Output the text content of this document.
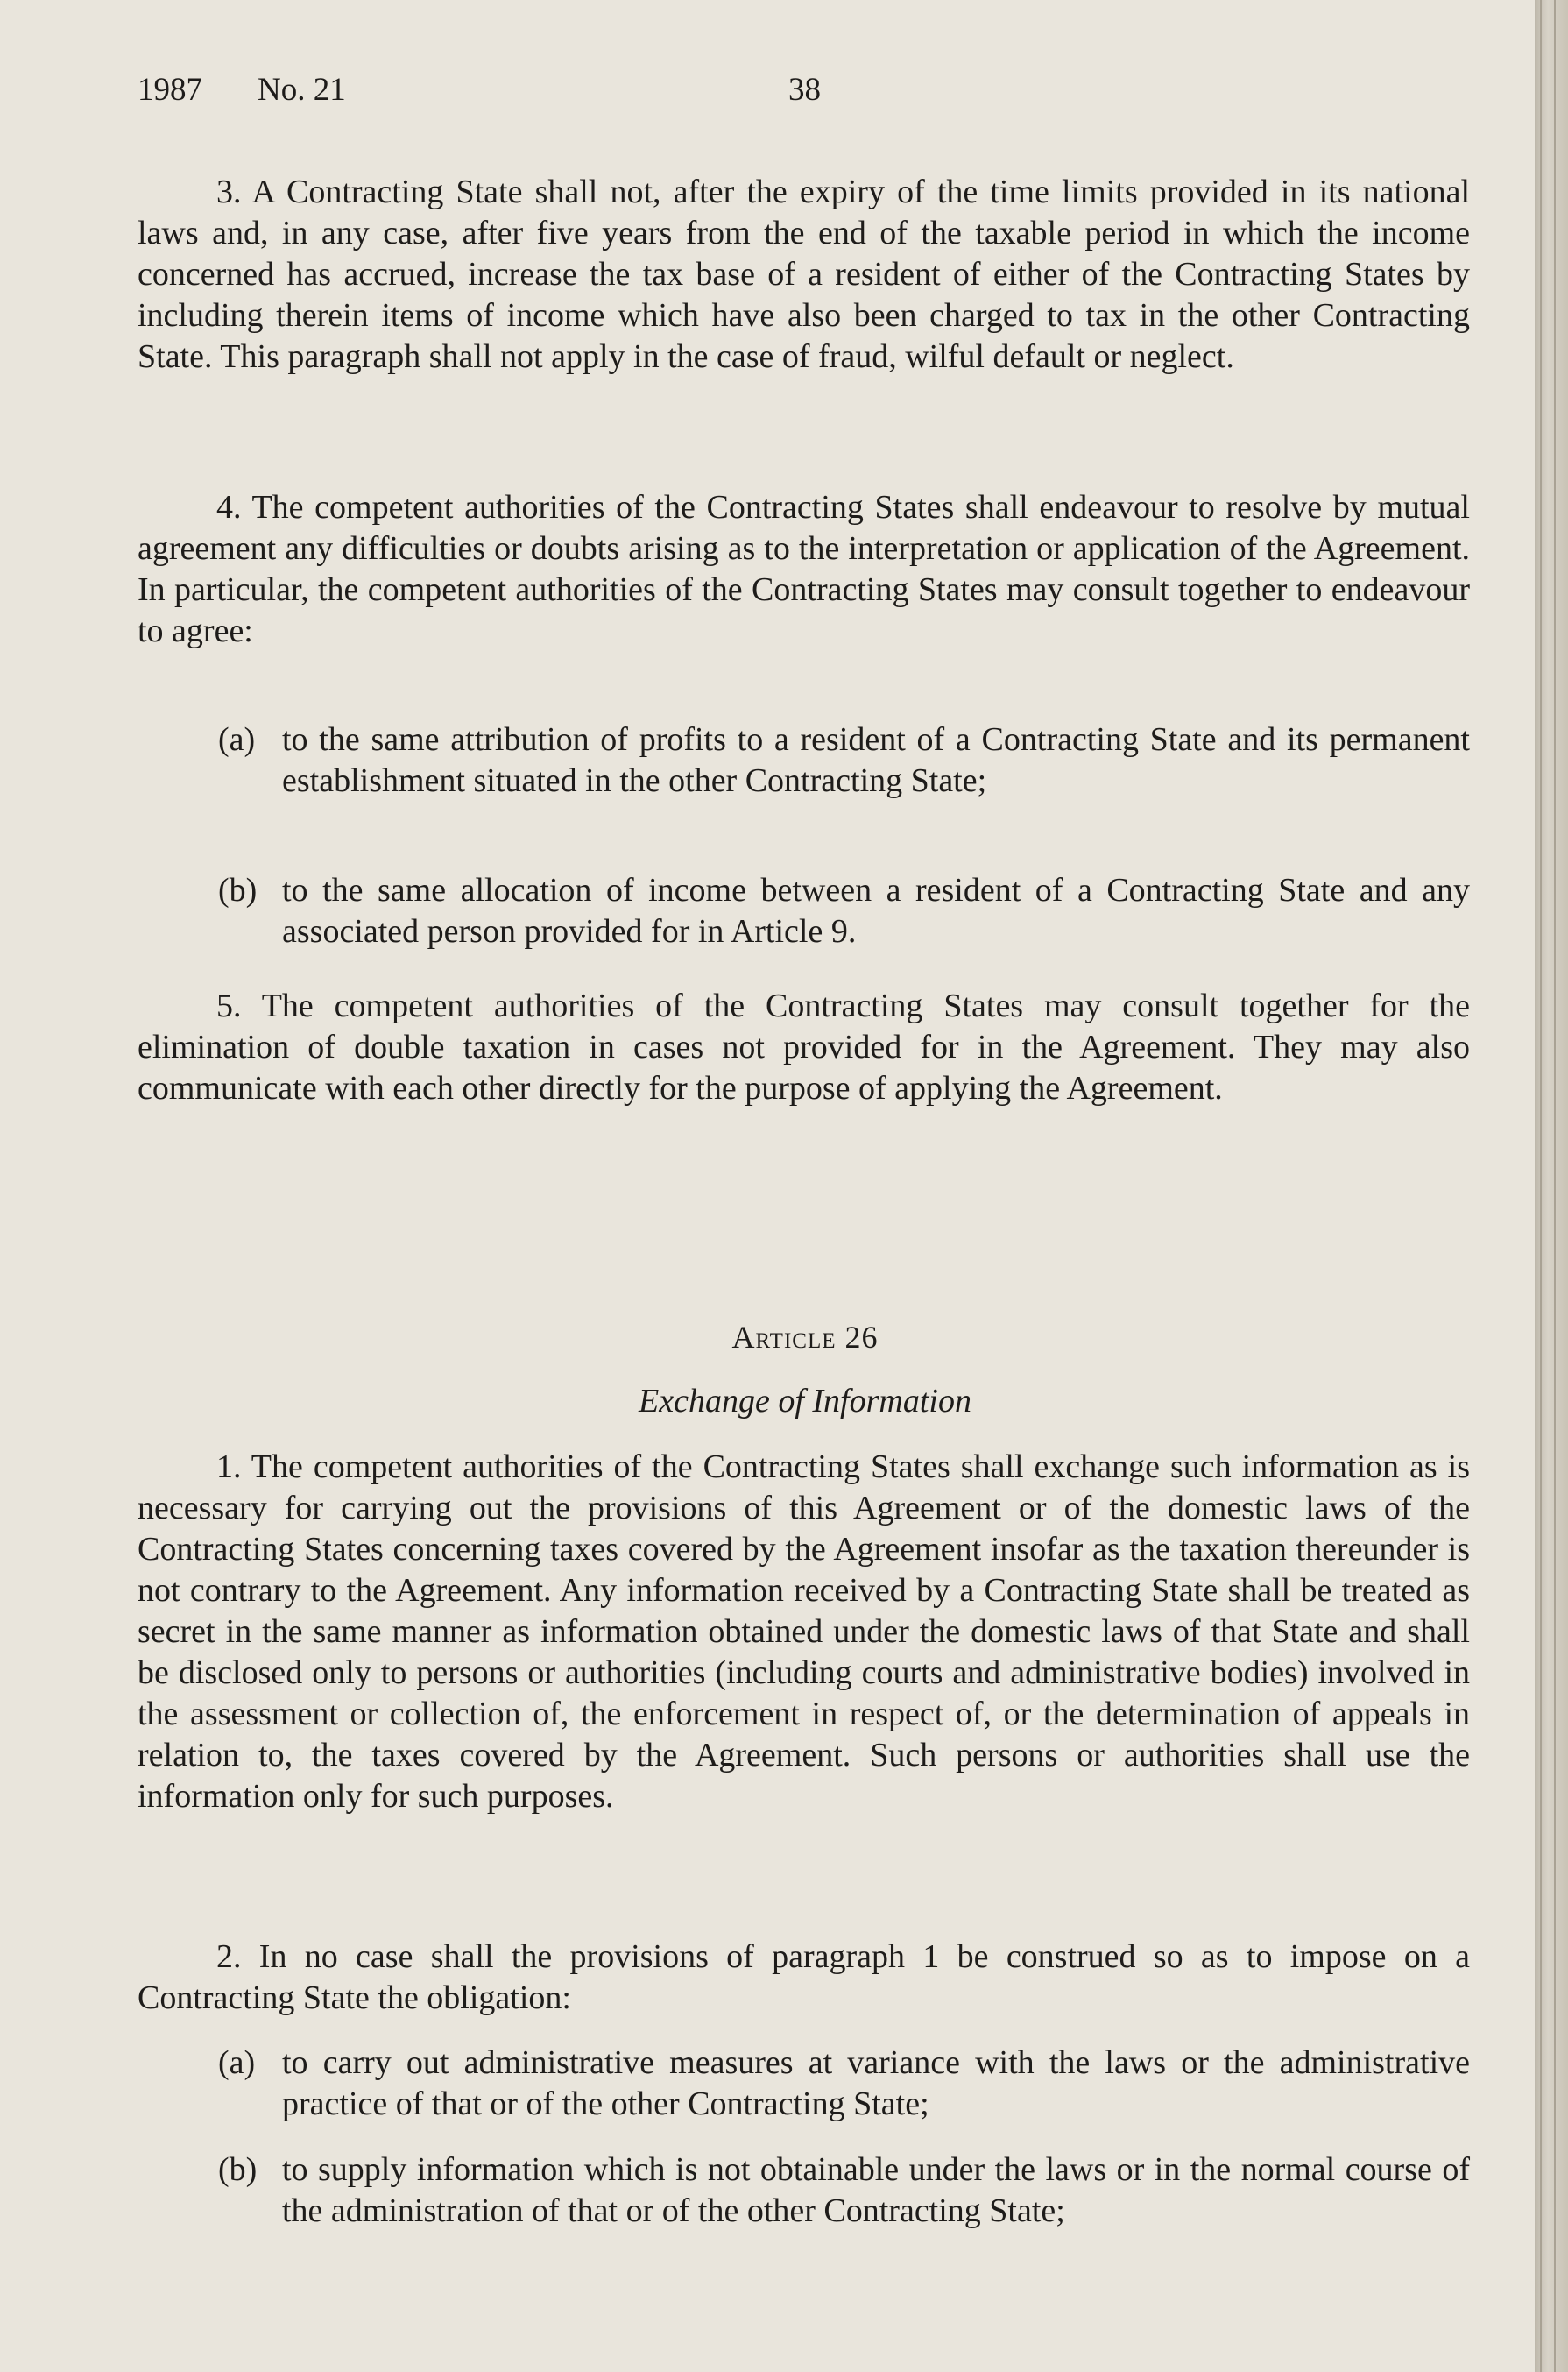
1987 No. 21	38

3. A Contracting State shall not, after the expiry of the time limits provided in its national laws and, in any case, after five years from the end of the taxable period in which the income concerned has accrued, increase the tax base of a resident of either of the Contracting States by including therein items of income which have also been charged to tax in the other Contracting State. This paragraph shall not apply in the case of fraud, wilful default or neglect.

4. The competent authorities of the Contracting States shall endeavour to resolve by mutual agreement any difficulties or doubts arising as to the interpretation or application of the Agreement. In particular, the competent authorities of the Contracting States may consult together to endeavour to agree:

(a) to the same attribution of profits to a resident of a Contracting State and its permanent establishment situated in the other Contracting State;
(b) to the same allocation of income between a resident of a Contracting State and any associated person provided for in Article 9.

5. The competent authorities of the Contracting States may consult together for the elimination of double taxation in cases not provided for in the Agreement. They may also communicate with each other directly for the purpose of applying the Agreement.

Article 26
Exchange of Information

1. The competent authorities of the Contracting States shall exchange such information as is necessary for carrying out the provisions of this Agreement or of the domestic laws of the Contracting States concerning taxes covered by the Agreement insofar as the taxation thereunder is not contrary to the Agreement. Any information received by a Contracting State shall be treated as secret in the same manner as information obtained under the domestic laws of that State and shall be disclosed only to persons or authorities (including courts and administrative bodies) involved in the assessment or collection of, the enforcement in respect of, or the determination of appeals in relation to, the taxes covered by the Agreement. Such persons or authorities shall use the information only for such purposes.

2. In no case shall the provisions of paragraph 1 be construed so as to impose on a Contracting State the obligation:

(a) to carry out administrative measures at variance with the laws or the administrative practice of that or of the other Contracting State;
(b) to supply information which is not obtainable under the laws or in the normal course of the administration of that or of the other Contracting State;
